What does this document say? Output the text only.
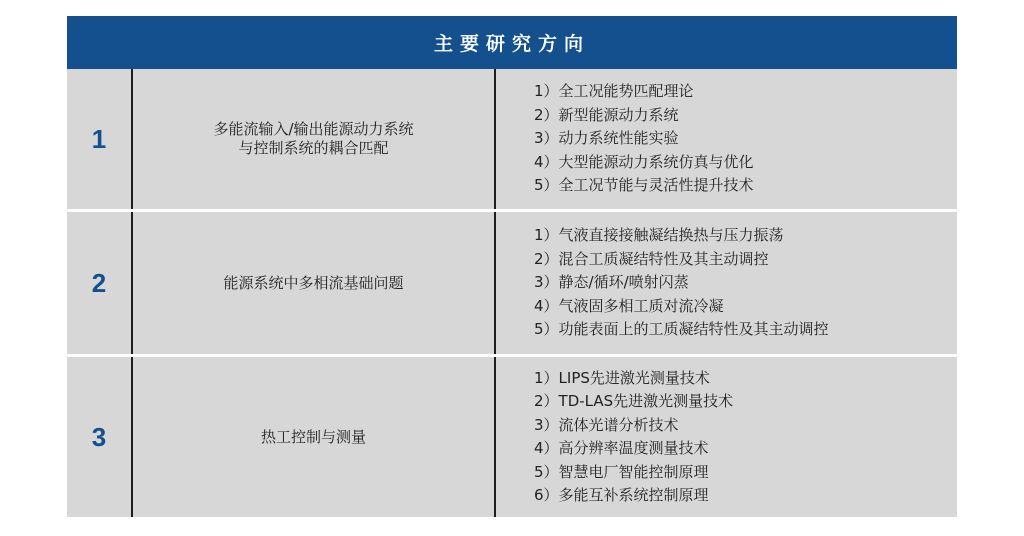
主要研究方向
1	多能流输入/输出能源动力系统
与控制系统的耦合匹配
1）全工况能势匹配理论
2）新型能源动力系统
3）动力系统性能实验
4）大型能源动力系统仿真与优化
5）全工况节能与灵活性提升技术
2	能源系统中多相流基础问题
1）气液直接接触凝结换热与压力振荡
2）混合工质凝结特性及其主动调控
3）静态/循环/喷射闪蒸
4）气液固多相工质对流冷凝
5）功能表面上的工质凝结特性及其主动调控
3	热工控制与测量
1）LIPS先进激光测量技术
2）TD-LAS先进激光测量技术
3）流体光谱分析技术
4）高分辨率温度测量技术
5）智慧电厂智能控制原理
6）多能互补系统控制原理
